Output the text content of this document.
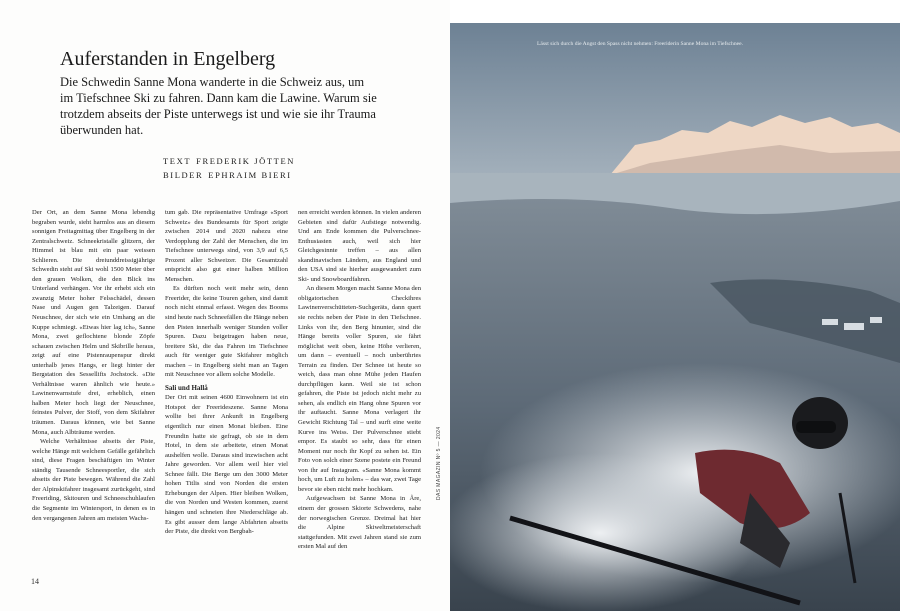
Auferstanden in Engelberg

Die Schwedin Sanne Mona wanderte in die Schweiz aus, um im Tiefschnee Ski zu fahren. Dann kam die Lawine. Warum sie trotzdem abseits der Piste unterwegs ist und wie sie ihr Trauma überwunden hat.

TEXT FREDERIK JÖTTEN
BILDER EPHRAIM BIERI

Der Ort, an dem Sanne Mona lebendig begraben wurde, sieht harmlos aus an diesem sonnigen Freitagmittag über Engelberg in der Zentralschweiz. Schneekristalle glitzern, der Himmel ist blau mit ein paar weissen Schlieren. Die dreiunddreissigjährige Schwedin steht auf Ski wohl 1500 Meter über den grauen Wolken, die den Blick ins Unterland verhängen. Vor ihr erhebt sich ein zwanzig Meter hoher Felsschädel, dessen Nase und Augen gen Talzeigen. Darauf Neuschnee, der sich wie ein Umhang an die Kuppe schmiegt. «Etwas hier lag ich», Sanne Mona, zwei geflochtene blonde Zöpfe schauen zwischen Helm und Skibrille heraus, zeigt auf eine Pistenraupenspur direkt unterhalb jenes Hangs, er liegt hinter der Bergstation des Sessellifts Jochstock. «Die Verhältnisse waren ähnlich wie heute.» Lawinenwarnstufe drei, erheblich, einen halben Meter hoch liegt der Neuschnee, feinstes Pulver, der Stoff, von dem Skifahrer träumen. Daraus können, wie bei Sanne Mona, auch Albträume werden.

Welche Verhältnisse abseits der Piste, welche Hänge mit welchem Gefälle gefährlich sind, diese Fragen beschäftigen im Winter ständig Tausende Schneesportler, die sich abseits der Piste bewegen. Während die Zahl der Alpinskifahrer insgesamt zurückgeht, sind Freeriding, Skitouren und Schneeschuhlaufen die Segmente im Wintersport, in denen es in den vergangenen Jahren am meisten Wachs-

tum gab. Die repräsentative Umfrage «Sport Schweiz» des Bundesamts für Sport zeigte zwischen 2014 und 2020 nahezu eine Verdopplung der Zahl der Menschen, die im Tiefschnee unterwegs sind, von 3,9 auf 6,5 Prozent aller Schweizer. Die Gesamtzahl entspricht also gut einer halben Million Menschen.

Es dürften noch weit mehr sein, denn Freerider, die keine Touren gehen, sind damit noch nicht einmal erfasst. Wegen des Booms sind heute nach Schneefällen die Hänge neben den Pisten innerhalb weniger Stunden voller Spuren. Dazu beigetragen haben neue, breitere Ski, die das Fahren im Tiefschnee auch für weniger gute Skifahrer möglich machen – in Engelberg sieht man an Tagen mit Neuschnee vor allem solche Modelle.

Sali und Hallå

Der Ort mit seinen 4600 Einwohnern ist ein Hotspot der Freerideszene. Sanne Mona wollte bei ihrer Ankunft in Engelberg eigentlich nur einen Monat bleiben. Eine Freundin hatte sie gefragt, ob sie in dem Hotel, in dem sie arbeitete, einen Monat aushelfen wolle. Daraus sind inzwischen acht Jahre geworden. Vor allem weil hier viel Schnee fällt. Die Berge um den 3000 Meter hohen Titlis sind von Norden die ersten Erhebungen der Alpen. Hier bleiben Wolken, die von Norden und Westen kommen, zuerst hängen und schneien ihre Niederschläge ab. Es gibt ausser dem lange Abfahrten abseits der Piste, die direkt von Bergbah-

nen erreicht werden können. In vielen anderen Gebieten sind dafür Aufstiege notwendig. Und am Ende kommen die Pulverschnee-Enthusiasten auch, weil sich hier Gleichgesinnte treffen – aus allen skandinavischen Ländern, aus England und den USA sind sie hierher ausgewandert zum Ski- und Snowboardfahren.

An diesem Morgen macht Sanne Mona den obligatorischen Checkihres Lawinenverschütteten-Suchgeräts, dann quert sie rechts neben der Piste in den Tiefschnee. Links von ihr, den Berg hinunter, sind die Hänge bereits voller Spuren, sie fährt möglichst weit oben, keine Höhe verlieren, um dann – eventuell – noch unberührtes Terrain zu finden. Der Schnee ist heute so weich, dass man ohne Mühe jeden Haufen durchpflügen kann. Weil sie ist schon gefahren, die Piste ist jedoch nicht mehr zu sehen, als endlich ein Hang ohne Spuren vor ihr auftaucht. Sanne Mona verlagert ihr Gewicht Richtung Tal – und surft eine weite Kurve ins Weiss. Der Pulverschnee stiebt empor. Es staubt so sehr, dass für einen Moment nur noch ihr Kopf zu sehen ist. Ein Foto von solch einer Szene postete ein Freund von ihr auf Instagram. «Sanne Mona kommt hoch, um Luft zu holen» – das war, zwei Tage bevor sie eben nicht mehr hochkam.

Aufgewachsen ist Sanne Mona in Åre, einem der grossen Skiorte Schwedens, nahe der norwegischen Grenze. Dreimal hat hier die Alpine Skiweltmeisterschaft stattgefunden. Mit zwei Jahren stand sie zum ersten Mal auf den

14
DAS MAGAZIN Nº 5 — 2024
Lässt sich durch die Angst den Spass nicht nehmen: Freeriderin Sanne Mona im Tiefschnee.
